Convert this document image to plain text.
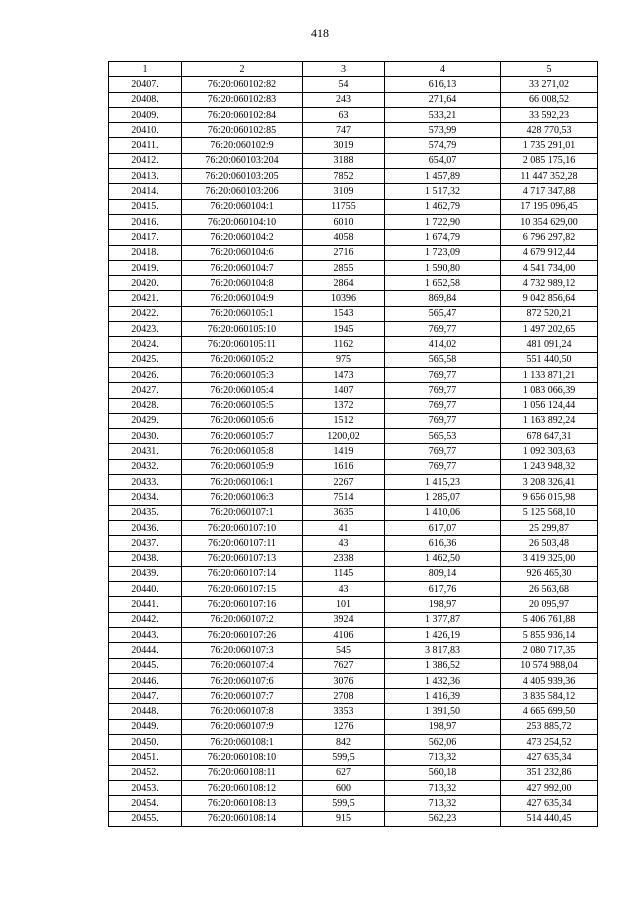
418
1	2	3	4	5
20407.	76:20:060102:82	54	616,13	33 271,02
20408.	76:20:060102:83	243	271,64	66 008,52
20409.	76:20:060102:84	63	533,21	33 592,23
20410.	76:20:060102:85	747	573,99	428 770,53
20411.	76:20:060102:9	3019	574,79	1 735 291,01
20412.	76:20:060103:204	3188	654,07	2 085 175,16
20413.	76:20:060103:205	7852	1 457,89	11 447 352,28
20414.	76:20:060103:206	3109	1 517,32	4 717 347,88
20415.	76:20:060104:1	11755	1 462,79	17 195 096,45
20416.	76:20:060104:10	6010	1 722,90	10 354 629,00
20417.	76:20:060104:2	4058	1 674,79	6 796 297,82
20418.	76:20:060104:6	2716	1 723,09	4 679 912,44
20419.	76:20:060104:7	2855	1 590,80	4 541 734,00
20420.	76:20:060104:8	2864	1 652,58	4 732 989,12
20421.	76:20:060104:9	10396	869,84	9 042 856,64
20422.	76:20:060105:1	1543	565,47	872 520,21
20423.	76:20:060105:10	1945	769,77	1 497 202,65
20424.	76:20:060105:11	1162	414,02	481 091,24
20425.	76:20:060105:2	975	565,58	551 440,50
20426.	76:20:060105:3	1473	769,77	1 133 871,21
20427.	76:20:060105:4	1407	769,77	1 083 066,39
20428.	76:20:060105:5	1372	769,77	1 056 124,44
20429.	76:20:060105:6	1512	769,77	1 163 892,24
20430.	76:20:060105:7	1200,02	565,53	678 647,31
20431.	76:20:060105:8	1419	769,77	1 092 303,63
20432.	76:20:060105:9	1616	769,77	1 243 948,32
20433.	76:20:060106:1	2267	1 415,23	3 208 326,41
20434.	76:20:060106:3	7514	1 285,07	9 656 015,98
20435.	76:20:060107:1	3635	1 410,06	5 125 568,10
20436.	76:20:060107:10	41	617,07	25 299,87
20437.	76:20:060107:11	43	616,36	26 503,48
20438.	76:20:060107:13	2338	1 462,50	3 419 325,00
20439.	76:20:060107:14	1145	809,14	926 465,30
20440.	76:20:060107:15	43	617,76	26 563,68
20441.	76:20:060107:16	101	198,97	20 095,97
20442.	76:20:060107:2	3924	1 377,87	5 406 761,88
20443.	76:20:060107:26	4106	1 426,19	5 855 936,14
20444.	76:20:060107:3	545	3 817,83	2 080 717,35
20445.	76:20:060107:4	7627	1 386,52	10 574 988,04
20446.	76:20:060107:6	3076	1 432,36	4 405 939,36
20447.	76:20:060107:7	2708	1 416,39	3 835 584,12
20448.	76:20:060107:8	3353	1 391,50	4 665 699,50
20449.	76:20:060107:9	1276	198,97	253 885,72
20450.	76:20:060108:1	842	562,06	473 254,52
20451.	76:20:060108:10	599,5	713,32	427 635,34
20452.	76:20:060108:11	627	560,18	351 232,86
20453.	76:20:060108:12	600	713,32	427 992,00
20454.	76:20:060108:13	599,5	713,32	427 635,34
20455.	76:20:060108:14	915	562,23	514 440,45
